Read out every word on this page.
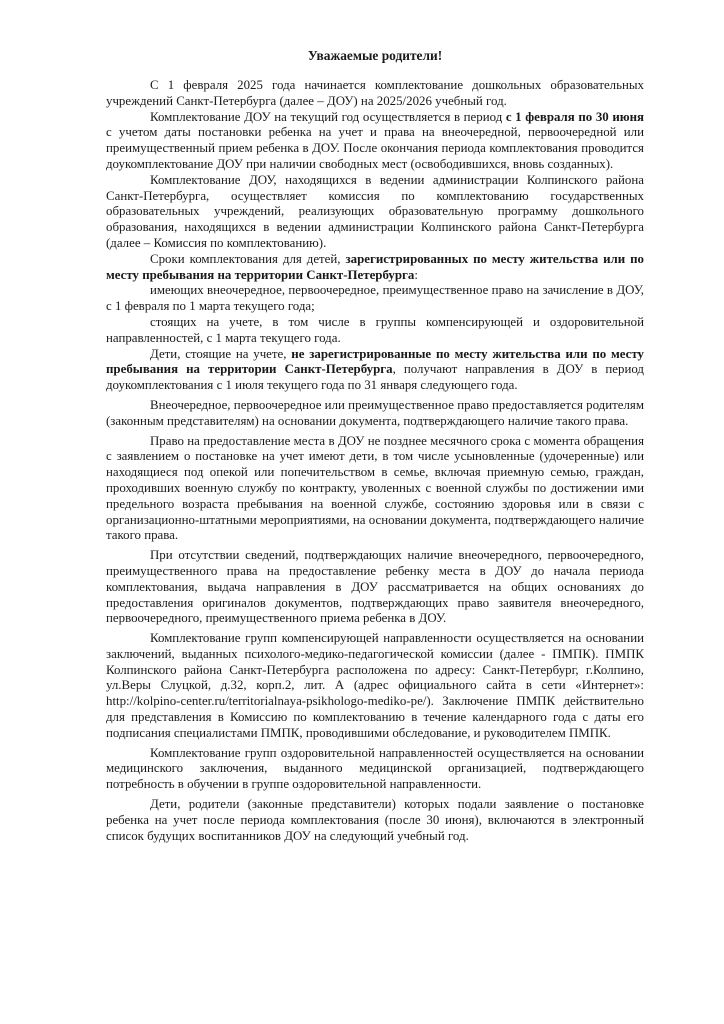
Уважаемые родители!

С 1 февраля 2025 года начинается комплектование дошкольных образовательных учреждений Санкт-Петербурга (далее – ДОУ) на 2025/2026 учебный год.

Комплектование ДОУ на текущий год осуществляется в период с 1 февраля по 30 июня с учетом даты постановки ребенка на учет и права на внеочередной, первоочередной или преимущественный прием ребенка в ДОУ. После окончания периода комплектования проводится доукомплектование ДОУ при наличии свободных мест (освободившихся, вновь созданных).

Комплектование ДОУ, находящихся в ведении администрации Колпинского района Санкт-Петербурга, осуществляет комиссия по комплектованию государственных образовательных учреждений, реализующих образовательную программу дошкольного образования, находящихся в ведении администрации Колпинского района Санкт-Петербурга (далее – Комиссия по комплектованию).

Сроки комплектования для детей, зарегистрированных по месту жительства или по месту пребывания на территории Санкт-Петербурга:

имеющих внеочередное, первоочередное, преимущественное право на зачисление в ДОУ, с 1 февраля по 1 марта текущего года;

стоящих на учете, в том числе в группы компенсирующей и оздоровительной направленностей, с 1 марта текущего года.

Дети, стоящие на учете, не зарегистрированные по месту жительства или по месту пребывания на территории Санкт-Петербурга, получают направления в ДОУ в период доукомплектования с 1 июля текущего года по 31 января следующего года.

Внеочередное, первоочередное или преимущественное право предоставляется родителям (законным представителям) на основании документа, подтверждающего наличие такого права.

Право на предоставление места в ДОУ не позднее месячного срока с момента обращения с заявлением о постановке на учет имеют дети, в том числе усыновленные (удочеренные) или находящиеся под опекой или попечительством в семье, включая приемную семью, граждан, проходивших военную службу по контракту, уволенных с военной службы по достижении ими предельного возраста пребывания на военной службе, состоянию здоровья или в связи с организационно-штатными мероприятиями, на основании документа, подтверждающего наличие такого права.

При отсутствии сведений, подтверждающих наличие внеочередного, первоочередного, преимущественного права на предоставление ребенку места в ДОУ до начала периода комплектования, выдача направления в ДОУ рассматривается на общих основаниях до предоставления оригиналов документов, подтверждающих право заявителя внеочередного, первоочередного, преимущественного приема ребенка в ДОУ.

Комплектование групп компенсирующей направленности осуществляется на основании заключений, выданных психолого-медико-педагогической комиссии (далее - ПМПК). ПМПК Колпинского района Санкт-Петербурга расположена по адресу: Санкт-Петербург, г.Колпино, ул.Веры Слуцкой, д.32, корп.2, лит. А (адрес официального сайта в сети «Интернет»: http://kolpino-center.ru/territorialnaya-psikhologo-mediko-pe/). Заключение ПМПК действительно для представления в Комиссию по комплектованию в течение календарного года с даты его подписания специалистами ПМПК, проводившими обследование, и руководителем ПМПК.

Комплектование групп оздоровительной направленностей осуществляется на основании медицинского заключения, выданного медицинской организацией, подтверждающего потребность в обучении в группе оздоровительной направленности.

Дети, родители (законные представители) которых подали заявление о постановке ребенка на учет после периода комплектования (после 30 июня), включаются в электронный список будущих воспитанников ДОУ на следующий учебный год.
